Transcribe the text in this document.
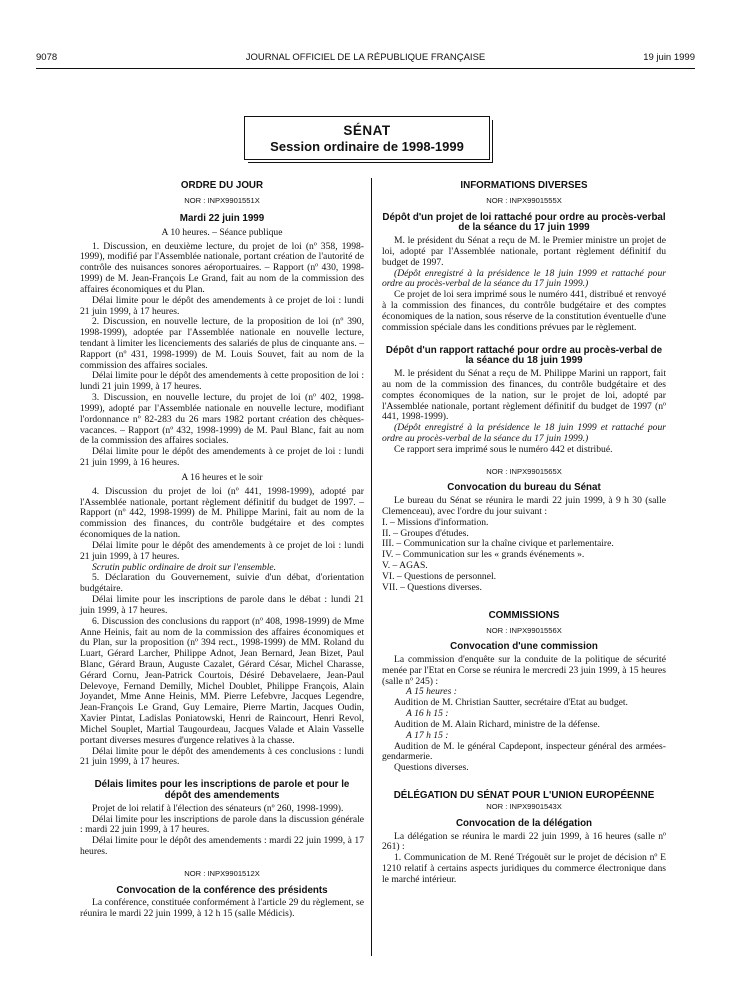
9078	JOURNAL OFFICIEL DE LA RÉPUBLIQUE FRANÇAISE	19 juin 1999
SÉNAT
Session ordinaire de 1998-1999
ORDRE DU JOUR
NOR : INPX9901551X

Mardi 22 juin 1999

A 10 heures. – Séance publique

1. Discussion, en deuxième lecture, du projet de loi (nº 358, 1998-1999), modifié par l'Assemblée nationale, portant création de l'autorité de contrôle des nuisances sonores aéroportuaires. – Rapport (nº 430, 1998-1999) de M. Jean-François Le Grand, fait au nom de la commission des affaires économiques et du Plan.

Délai limite pour le dépôt des amendements à ce projet de loi : lundi 21 juin 1999, à 17 heures.

2. Discussion, en nouvelle lecture, de la proposition de loi (nº 390, 1998-1999), adoptée par l'Assemblée nationale en nouvelle lecture, tendant à limiter les licenciements des salariés de plus de cinquante ans. – Rapport (nº 431, 1998-1999) de M. Louis Souvet, fait au nom de la commission des affaires sociales.

Délai limite pour le dépôt des amendements à cette proposition de loi : lundi 21 juin 1999, à 17 heures.

3. Discussion, en nouvelle lecture, du projet de loi (nº 402, 1998-1999), adopté par l'Assemblée nationale en nouvelle lecture, modifiant l'ordonnance nº 82-283 du 26 mars 1982 portant création des chèques-vacances. – Rapport (nº 432, 1998-1999) de M. Paul Blanc, fait au nom de la commission des affaires sociales.

Délai limite pour le dépôt des amendements à ce projet de loi : lundi 21 juin 1999, à 16 heures.

A 16 heures et le soir

4. Discussion du projet de loi (nº 441, 1998-1999), adopté par l'Assemblée nationale, portant règlement définitif du budget de 1997. – Rapport (nº 442, 1998-1999) de M. Philippe Marini, fait au nom de la commission des finances, du contrôle budgétaire et des comptes économiques de la nation.

Délai limite pour le dépôt des amendements à ce projet de loi : lundi 21 juin 1999, à 17 heures.

Scrutin public ordinaire de droit sur l'ensemble.

5. Déclaration du Gouvernement, suivie d'un débat, d'orientation budgétaire.

Délai limite pour les inscriptions de parole dans le débat : lundi 21 juin 1999, à 17 heures.

6. Discussion des conclusions du rapport (nº 408, 1998-1999) de Mme Anne Heinis, fait au nom de la commission des affaires économiques et du Plan, sur la proposition (nº 394 rect., 1998-1999) de MM. Roland du Luart, Gérard Larcher, Philippe Adnot, Jean Bernard, Jean Bizet, Paul Blanc, Gérard Braun, Auguste Cazalet, Gérard César, Michel Charasse, Gérard Cornu, Jean-Patrick Courtois, Désiré Debavelaere, Jean-Paul Delevoye, Fernand Demilly, Michel Doublet, Philippe François, Alain Joyandet, Mme Anne Heinis, MM. Pierre Lefebvre, Jacques Legendre, Jean-François Le Grand, Guy Lemaire, Pierre Martin, Jacques Oudin, Xavier Pintat, Ladislas Poniatowski, Henri de Raincourt, Henri Revol, Michel Souplet, Martial Taugourdeau, Jacques Valade et Alain Vasselle portant diverses mesures d'urgence relatives à la chasse.

Délai limite pour le dépôt des amendements à ces conclusions : lundi 21 juin 1999, à 17 heures.

Délais limites pour les inscriptions de parole et pour le dépôt des amendements

Projet de loi relatif à l'élection des sénateurs (nº 260, 1998-1999).

Délai limite pour les inscriptions de parole dans la discussion générale : mardi 22 juin 1999, à 17 heures.

Délai limite pour le dépôt des amendements : mardi 22 juin 1999, à 17 heures.

NOR : INPX9901512X
Convocation de la conférence des présidents

La conférence, constituée conformément à l'article 29 du règlement, se réunira le mardi 22 juin 1999, à 12 h 15 (salle Médicis).

INFORMATIONS DIVERSES
NOR : INPX9901555X
Dépôt d'un projet de loi rattaché pour ordre au procès-verbal de la séance du 17 juin 1999

M. le président du Sénat a reçu de M. le Premier ministre un projet de loi, adopté par l'Assemblée nationale, portant règlement définitif du budget de 1997.

(Dépôt enregistré à la présidence le 18 juin 1999 et rattaché pour ordre au procès-verbal de la séance du 17 juin 1999.)

Ce projet de loi sera imprimé sous le numéro 441, distribué et renvoyé à la commission des finances, du contrôle budgétaire et des comptes économiques de la nation, sous réserve de la constitution éventuelle d'une commission spéciale dans les conditions prévues par le règlement.

Dépôt d'un rapport rattaché pour ordre au procès-verbal de la séance du 18 juin 1999

M. le président du Sénat a reçu de M. Philippe Marini un rapport, fait au nom de la commission des finances, du contrôle budgétaire et des comptes économiques de la nation, sur le projet de loi, adopté par l'Assemblée nationale, portant règlement définitif du budget de 1997 (nº 441, 1998-1999).

(Dépôt enregistré à la présidence le 18 juin 1999 et rattaché pour ordre au procès-verbal de la séance du 17 juin 1999.)

Ce rapport sera imprimé sous le numéro 442 et distribué.

NOR : INPX9901565X
Convocation du bureau du Sénat

Le bureau du Sénat se réunira le mardi 22 juin 1999, à 9 h 30 (salle Clemenceau), avec l'ordre du jour suivant :

I. – Missions d'information.
II. – Groupes d'études.
III. – Communication sur la chaîne civique et parlementaire.
IV. – Communication sur les « grands événements ».
V. – AGAS.
VI. – Questions de personnel.
VII. – Questions diverses.
COMMISSIONS
NOR : INPX9901556X
Convocation d'une commission

La commission d'enquête sur la conduite de la politique de sécurité menée par l'Etat en Corse se réunira le mercredi 23 juin 1999, à 15 heures (salle nº 245) :

A 15 heures :

Audition de M. Christian Sautter, secrétaire d'Etat au budget.

A 16 h 15 :

Audition de M. Alain Richard, ministre de la défense.

A 17 h 15 :

Audition de M. le général Capdepont, inspecteur général des armées-gendarmerie.

Questions diverses.

DÉLÉGATION DU SÉNAT POUR L'UNION EUROPÉENNE
NOR : INPX9901543X
Convocation de la délégation

La délégation se réunira le mardi 22 juin 1999, à 16 heures (salle nº 261) :

1. Communication de M. René Trégouët sur le projet de décision nº E 1210 relatif à certains aspects juridiques du commerce électronique dans le marché intérieur.
